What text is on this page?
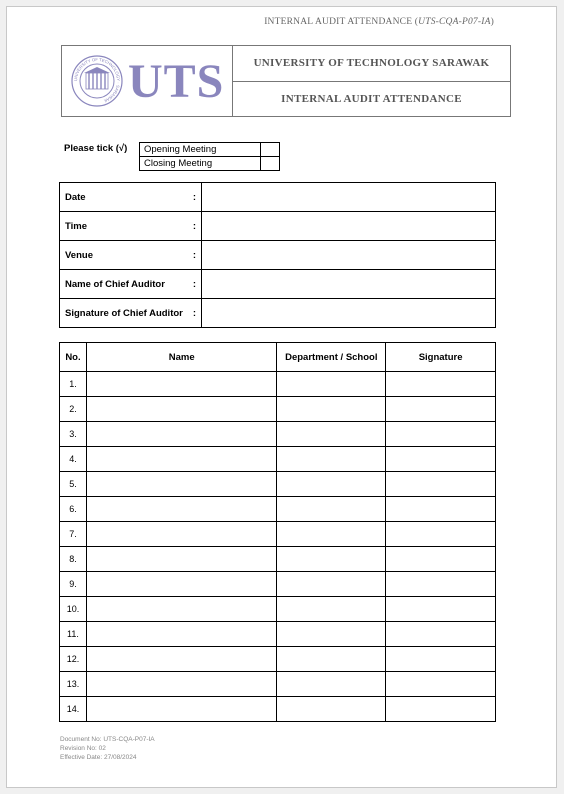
INTERNAL AUDIT ATTENDANCE (UTS-CQA-P07-IA)
UNIVERSITY OF TECHNOLOGY · SARAWAK UTS	UNIVERSITY OF TECHNOLOGY SARAWAK
INTERNAL AUDIT ATTENDANCE
Please tick (√) Opening Meeting	
Closing Meeting	
Date :	

Time :	

Venue :	

Name of Chief Auditor :	

Signature of Chief Auditor :	

No.	Name	Department / School	Signature
1.			
2.			
3.			
4.			
5.			
6.			
7.			
8.			
9.			
10.			
11.			
12.			
13.			
14.			
Document No: UTS-CQA-P07-IA
Revision No: 02
Effective Date: 27/08/2024
